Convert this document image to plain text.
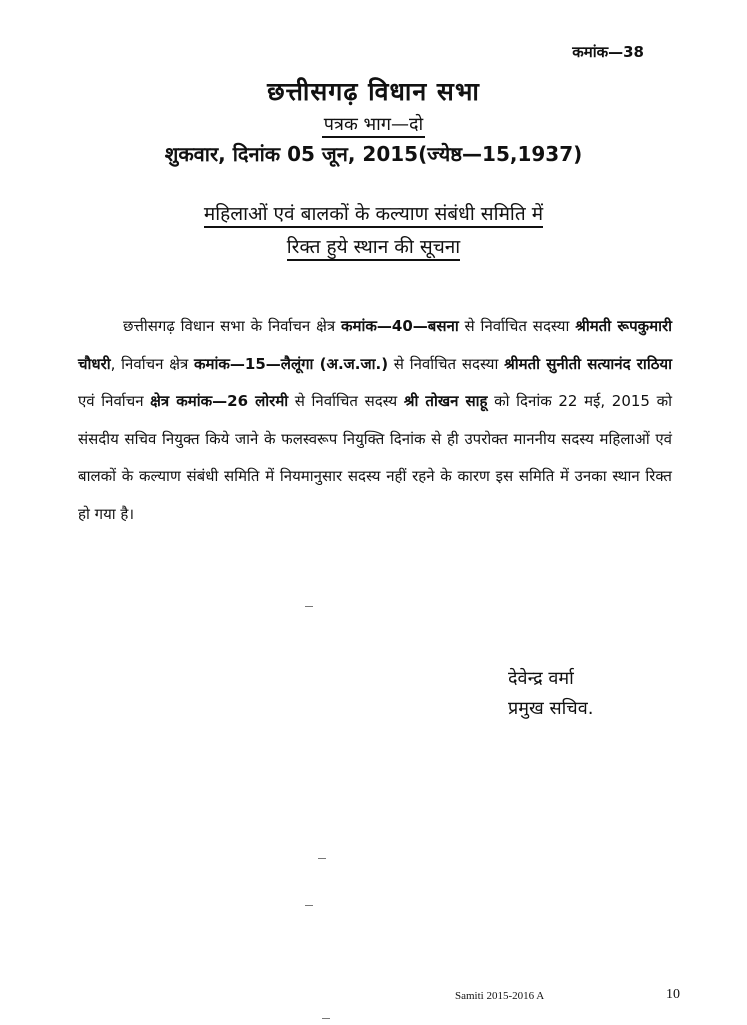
कमांक—38
छत्तीसगढ़ विधान सभा
पत्रक भाग—दो
शुकवार, दिनांक 05 जून, 2015(ज्येष्ठ—15,1937)
महिलाओं एवं बालकों के कल्याण संबंधी समिति में
रिक्त हुये स्थान की सूचना
   छत्तीसगढ़ विधान सभा के निर्वाचन क्षेत्र कमांक—40—बसना से निर्वाचित सदस्या श्रीमती रूपकुमारी चौधरी, निर्वाचन क्षेत्र कमांक—15—लैलूंगा (अ.ज.जा.) से निर्वाचित सदस्या श्रीमती सुनीती सत्यानंद राठिया एवं निर्वाचन क्षेत्र कमांक—26 लोरमी से निर्वाचित सदस्य श्री तोखन साहू को दिनांक 22 मई, 2015 को संसदीय सचिव नियुक्त किये जाने के फलस्वरूप नियुक्ति दिनांक से ही उपरोक्त माननीय सदस्य महिलाओं एवं बालकों के कल्याण संबंधी समिति में नियमानुसार सदस्य नहीं रहने के कारण इस समिति में उनका स्थान रिक्त हो गया है।
देवेन्द्र वर्मा
प्रमुख सचिव.
Samiti 2015-2016 A	10
